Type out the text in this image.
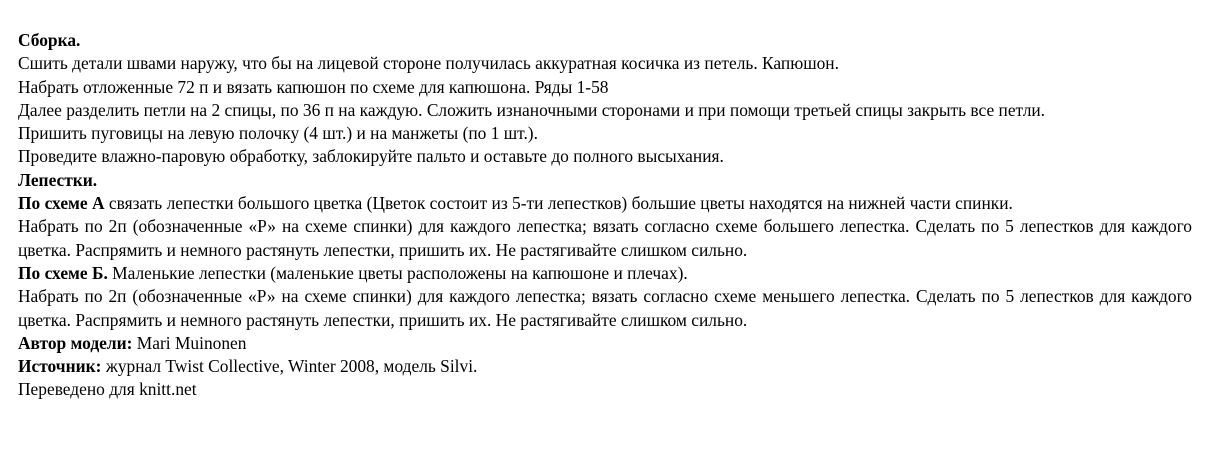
Сборка.
Сшить детали швами наружу, что бы на лицевой стороне получилась аккуратная косичка из петель. Капюшон.
Набрать отложенные 72 п и вязать капюшон по схеме для капюшона. Ряды 1-58
Далее разделить петли на 2 спицы, по 36 п на каждую. Сложить изнаночными сторонами и при помощи третьей спицы закрыть все петли.
Пришить пуговицы на левую полочку (4 шт.) и на манжеты (по 1 шт.).
Проведите влажно-паровую обработку, заблокируйте пальто и оставьте до полного высыхания.
Лепестки.
По схеме А связать лепестки большого цветка (Цветок состоит из 5-ти лепестков) большие цветы находятся на нижней части спинки.
Набрать по 2п (обозначенные «Р» на схеме спинки) для каждого лепестка; вязать согласно схеме большего лепестка. Сделать по 5 лепестков для каждого цветка. Распрямить и немного растянуть лепестки, пришить их. Не растягивайте слишком сильно.
По схеме Б. Маленькие лепестки (маленькие цветы расположены на капюшоне и плечах).
Набрать по 2п (обозначенные «Р» на схеме спинки) для каждого лепестка; вязать согласно схеме меньшего лепестка. Сделать по 5 лепестков для каждого цветка. Распрямить и немного растянуть лепестки, пришить их. Не растягивайте слишком сильно.
Автор модели: Mari Muinonen
Источник: журнал Twist Collective, Winter 2008, модель Silvi.
Переведено для knitt.net
